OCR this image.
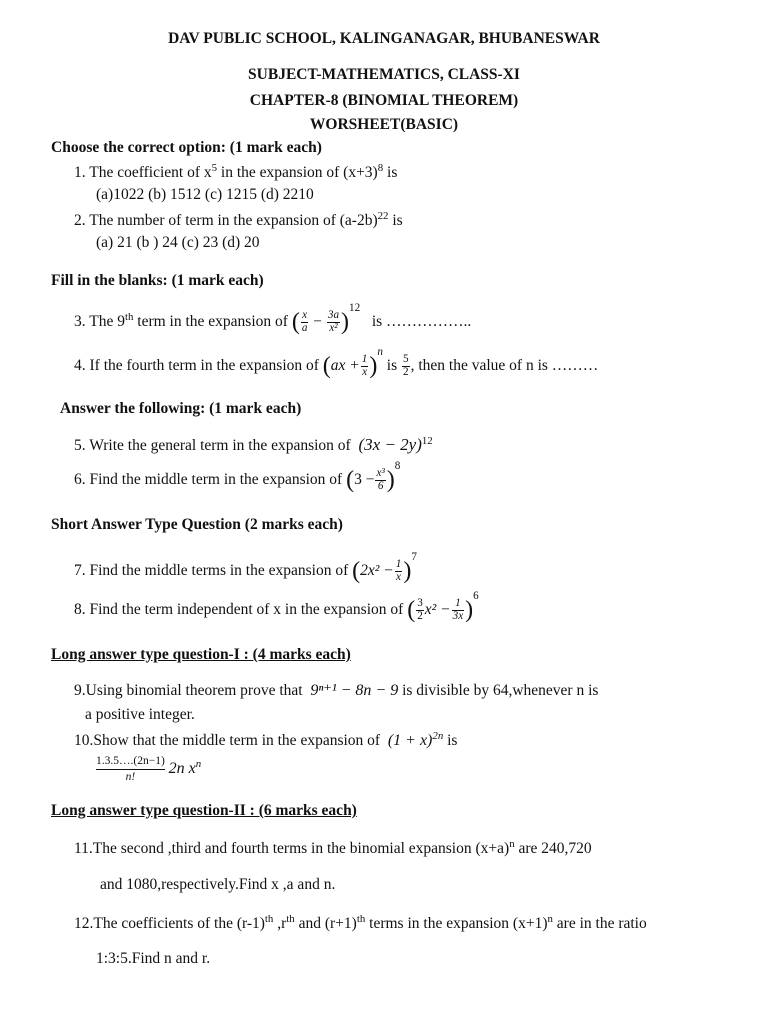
DAV PUBLIC SCHOOL, KALINGANAGAR, BHUBANESWAR
SUBJECT-MATHEMATICS, CLASS-XI
CHAPTER-8 (BINOMIAL THEOREM)
WORSHEET(BASIC)
Choose the correct option: (1 mark each)
1. The coefficient of $x^5$ in the expansion of $(x+3)^8$ is
(a)1022 (b) 1512 (c) 1215 (d) 2210
2. The number of term in the expansion of $(a-2b)^{22}$ is
(a) 21 (b ) 24 (c) 23 (d) 20
Fill in the blanks: (1 mark each)
3. The 9th term in the expansion of ( $\frac{x}{a} - \frac{3a}{\text{x²}} )^{12}$   is ……………..
4. If the fourth term in the expansion of $(ax + \frac{1}{x} )^n$ is $\frac{5}{2}$ , then the value of n is ………
Answer the following: (1 mark each)
5. Write the general term in the expansion of $(3x - 2y)^{12}$
6. Find the middle term in the expansion of $(3 - \frac{\text{x³}}{6} )^8$
Short Answer Type Question (2 marks each)
7. Find the middle terms in the expansion of $(2x^2 - \frac{1}{x} )^7$
8. Find the term independent of x in the expansion of ( $\frac{3}{2} x^2 - \frac{1}{3x} )^6$
Long answer type question-I : (4 marks each)
9.Using binomial theorem prove that 9ⁿ⁺¹ − 8n − 9 is divisible by 64,whenever n is
a positive integer.
10.Show that the middle term in the expansion of $(1 + x)^{2n}$ is
$\frac{1.3.5\dots.(2n-1)}{n!} 2n$ $x^n$
Long answer type question-II : (6 marks each)
11.The second ,third and fourth terms in the binomial expansion $(x+a)^n$ are 240,720
and 1080,respectively.Find x ,a and n.
12.The coefficients of the $(r-1)^{th}$ $,r^{th}$ and $(r+1)^{th}$ terms in the expansion $(x+1)^n$ are in the ratio
1:3:5.Find n and r.
